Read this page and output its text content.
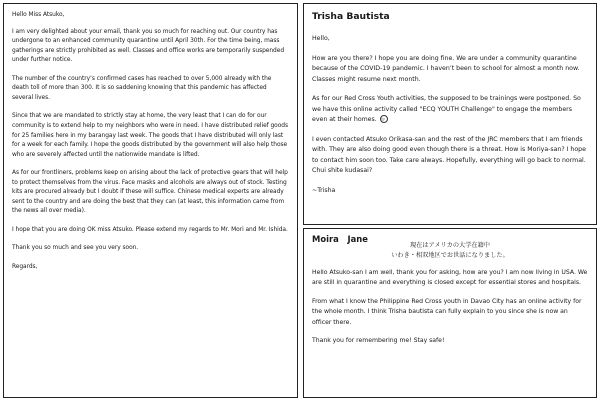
Hello Miss Atsuko,

I am very delighted about your email, thank you so much for reaching out. Our country has undergone to an enhanced community quarantine until April 30th. For the time being, mass gatherings are strictly prohibited as well. Classes and office works are temporarily suspended under further notice.

The number of the country’s confirmed cases has reached to over 5,000 already with the death toll of more than 300. It is so saddening knowing that this pandemic has affected several lives.

Since that we are mandated to strictly stay at home, the very least that I can do for our community is to extend help to my neighbors who were in need. I have distributed relief goods for 25 families here in my barangay last week. The goods that I have distributed will only last for a week for each family. I hope the goods distributed by the government will also help those who are severely affected until the nationwide mandate is lifted.

As for our frontliners, problems keep on arising about the lack of protective gears that will help to protect themselves from the virus. Face masks and alcohols are always out of stock. Testing kits are procured already but I doubt if these will suffice. Chinese medical experts are already sent to the country and are doing the best that they can (at least, this information came from the news all over media).

I hope that you are doing OK miss Atsuko. Please extend my regards to Mr. Mori and Mr. Ishida.

Thank you so much and see you very soon.

Regards,

Trisha Bautista

Hello,

How are you there? I hope you are doing fine. We are under a community quarantine because of the COVID-19 pandemic. I haven’t been to school for almost a month now. Classes might resume next month.

As for our Red Cross Youth activities, the supposed to be trainings were postponed. So we have this online activity called "ECQ YOUTH Challenge" to engage the members even at their homes.

I even contacted Atsuko Orikasa-san and the rest of the JRC members that I am friends with. They are also doing good even though there is a threat. How is Moriya-san? I hope to contact him soon too. Take care always. Hopefully, everything will go back to normal. Chui shite kudasai?

~Trisha

Moira   Jane
現在はアメリカの大学在籍中
いわき・相双地区でお世話になりました。

Hello Atsuko-san I am well, thank you for asking, how are you? I am now living in USA. We are still in quarantine and everything is closed except for essential stores and hospitals.

From what I know the Philippine Red Cross youth in Davao City has an online activity for the whole month. I think Trisha bautista can fully explain to you since she is now an officer there.

Thank you for remembering me! Stay safe!
